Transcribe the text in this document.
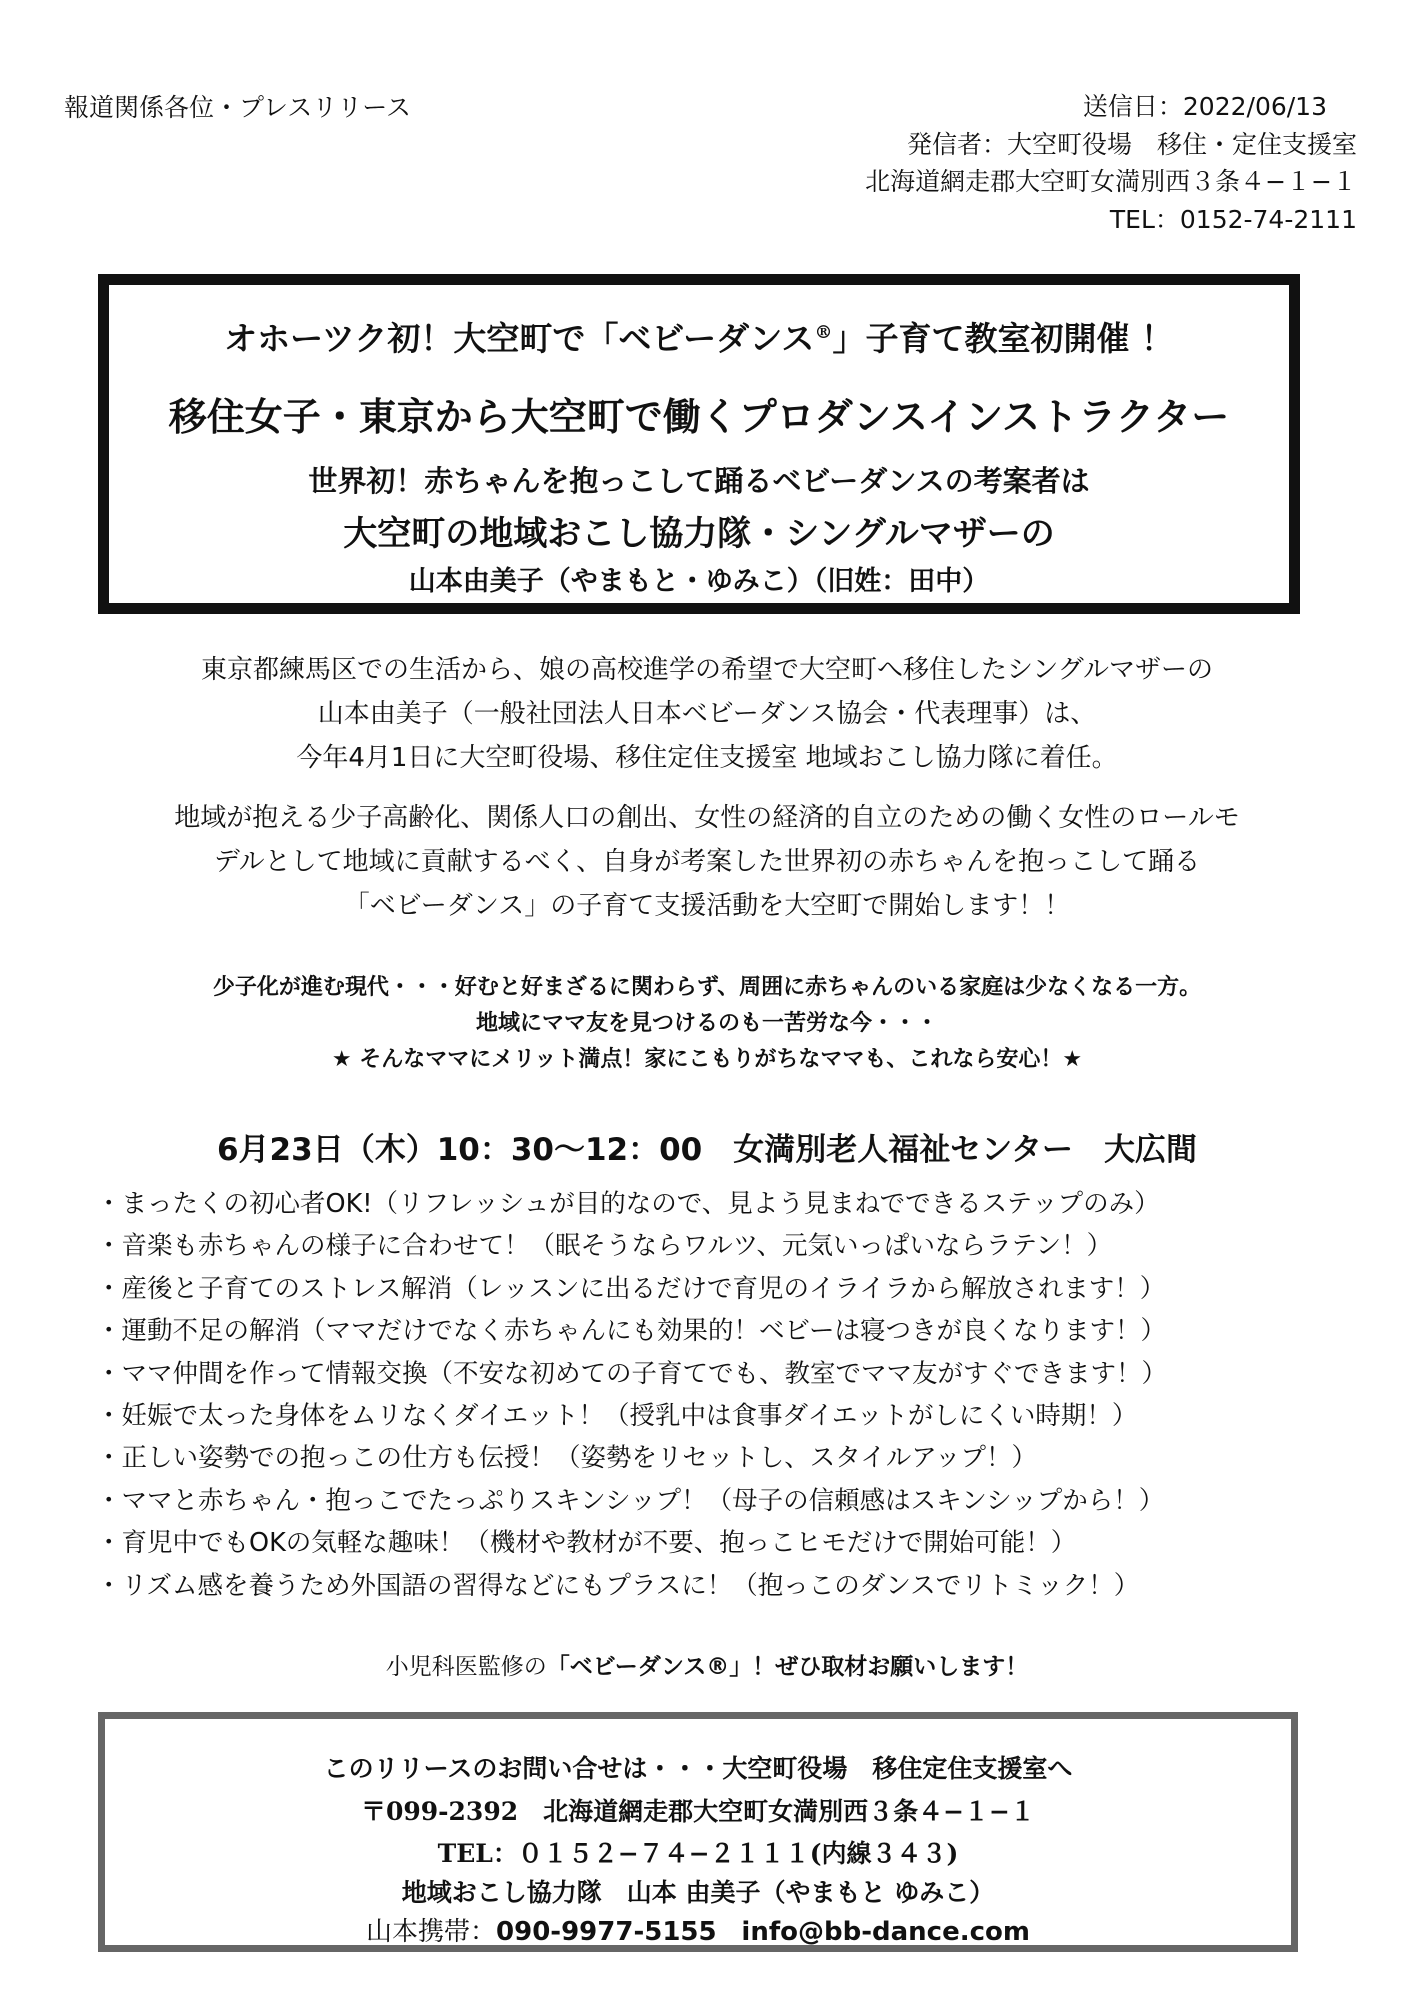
報道関係各位・プレスリリース	送信日：2022/06/13
発信者：大空町役場　移住・定住支援室
北海道網走郡大空町女満別西３条４−１−１
TEL：0152-74-2111
オホーツク初！大空町で「ベビーダンス®」子育て教室初開催 ！
移住女子・東京から大空町で働くプロダンスインストラクター
世界初！赤ちゃんを抱っこして踊るベビーダンスの考案者は
大空町の地域おこし協力隊・シングルマザーの
山本由美子（やまもと・ゆみこ）（旧姓：田中）
東京都練馬区での生活から、娘の高校進学の希望で大空町へ移住したシングルマザーの
山本由美子（一般社団法人日本ベビーダンス協会・代表理事）は、
今年4月1日に大空町役場、移住定住支援室 地域おこし協力隊に着任。
地域が抱える少子高齢化、関係人口の創出、女性の経済的自立のための働く女性のロールモ
デルとして地域に貢献するべく、自身が考案した世界初の赤ちゃんを抱っこして踊る
「ベビーダンス」の子育て支援活動を大空町で開始します！！
少子化が進む現代・・・好むと好まざるに関わらず、周囲に赤ちゃんのいる家庭は少なくなる一方。
地域にママ友を見つけるのも一苦労な今・・・
★ そんなママにメリット満点！家にこもりがちなママも、これなら安心！★
6月23日（木）10：30〜12：00　女満別老人福祉センター　大広間
・まったくの初心者OK!（リフレッシュが目的なので、見よう見まねでできるステップのみ）
・音楽も赤ちゃんの様子に合わせて！（眠そうならワルツ、元気いっぱいならラテン！）
・産後と子育てのストレス解消（レッスンに出るだけで育児のイライラから解放されます！）
・運動不足の解消（ママだけでなく赤ちゃんにも効果的！ベビーは寝つきが良くなります！）
・ママ仲間を作って情報交換（不安な初めての子育てでも、教室でママ友がすぐできます！）
・妊娠で太った身体をムリなくダイエット！（授乳中は食事ダイエットがしにくい時期！）
・正しい姿勢での抱っこの仕方も伝授！（姿勢をリセットし、スタイルアップ！）
・ママと赤ちゃん・抱っこでたっぷりスキンシップ！（母子の信頼感はスキンシップから！）
・育児中でもOKの気軽な趣味！（機材や教材が不要、抱っこヒモだけで開始可能！）
・リズム感を養うため外国語の習得などにもプラスに！（抱っこのダンスでリトミック！）
小児科医監修の「ベビーダンス®」！ぜひ取材お願いします！
このリリースのお問い合せは・・・大空町役場　移住定住支援室へ
〒099-2392　北海道網走郡大空町女満別西３条４−１−１
TEL：０１５２−７４−２１１１(内線３４３)
地域おこし協力隊　山本 由美子（やまもと ゆみこ）
山本携帯：090-9977-5155 info@bb-dance.com
